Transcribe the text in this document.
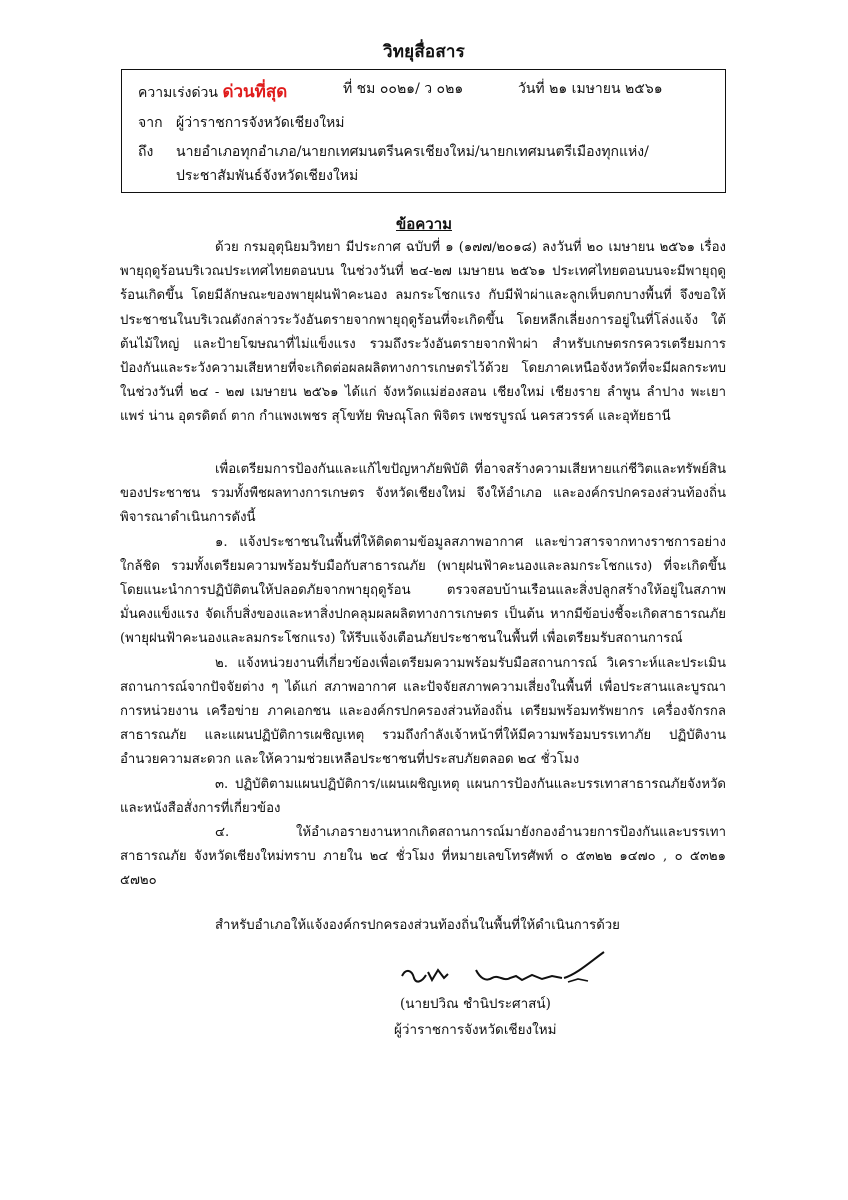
วิทยุสื่อสาร
ความเร่งด่วน ด่วนที่สุด	ที่ ชม ๐๐๒๑/ ว ๐๒๑	วันที่ ๒๑ เมษายน ๒๕๖๑
จาก ผู้ว่าราชการจังหวัดเชียงใหม่
ถึง นายอำเภอทุกอำเภอ/นายกเทศมนตรีนครเชียงใหม่/นายกเทศมนตรีเมืองทุกแห่ง/
ประชาสัมพันธ์จังหวัดเชียงใหม่
ข้อความ

ด้วย กรมอุตุนิยมวิทยา มีประกาศ ฉบับที่ ๑ (๑๗๗/๒๐๑๘) ลงวันที่ ๒๐ เมษายน ๒๕๖๑ เรื่อง พายุฤดูร้อนบริเวณประเทศไทยตอนบน ในช่วงวันที่ ๒๔-๒๗ เมษายน ๒๕๖๑ ประเทศไทยตอนบนจะมีพายุฤดูร้อนเกิดขึ้น โดยมีลักษณะของพายุฝนฟ้าคะนอง ลมกระโชกแรง กับมีฟ้าผ่าและลูกเห็บตกบางพื้นที่ จึงขอให้ประชาชนในบริเวณดังกล่าวระวังอันตรายจากพายุฤดูร้อนที่จะเกิดขึ้น โดยหลีกเลี่ยงการอยู่ในที่โล่งแจ้ง ใต้ต้นไม้ใหญ่ และป้ายโฆษณาที่ไม่แข็งแรง รวมถึงระวังอันตรายจากฟ้าผ่า สำหรับเกษตรกรควรเตรียมการป้องกันและระวังความเสียหายที่จะเกิดต่อผลผลิตทางการเกษตรไว้ด้วย โดยภาคเหนือจังหวัดที่จะมีผลกระทบในช่วงวันที่ ๒๔ - ๒๗ เมษายน ๒๕๖๑ ได้แก่ จังหวัดแม่ฮ่องสอน เชียงใหม่ เชียงราย ลำพูน ลำปาง พะเยา แพร่ น่าน อุตรดิตถ์ ตาก กำแพงเพชร สุโขทัย พิษณุโลก พิจิตร เพชรบูรณ์ นครสวรรค์ และอุทัยธานี

เพื่อเตรียมการป้องกันและแก้ไขปัญหาภัยพิบัติ ที่อาจสร้างความเสียหายแก่ชีวิตและทรัพย์สินของประชาชน รวมทั้งพืชผลทางการเกษตร จังหวัดเชียงใหม่ จึงให้อำเภอ และองค์กรปกครองส่วนท้องถิ่นพิจารณาดำเนินการดังนี้

๑. แจ้งประชาชนในพื้นที่ให้ติดตามข้อมูลสภาพอากาศ และข่าวสารจากทางราชการอย่างใกล้ชิด รวมทั้งเตรียมความพร้อมรับมือกับสาธารณภัย (พายุฝนฟ้าคะนองและลมกระโชกแรง) ที่จะเกิดขึ้น โดยแนะนำการปฏิบัติตนให้ปลอดภัยจากพายุฤดูร้อน ตรวจสอบบ้านเรือนและสิ่งปลูกสร้างให้อยู่ในสภาพมั่นคงแข็งแรง จัดเก็บสิ่งของและหาสิ่งปกคลุมผลผลิตทางการเกษตร เป็นต้น หากมีข้อบ่งชี้จะเกิดสาธารณภัย (พายุฝนฟ้าคะนองและลมกระโชกแรง) ให้รีบแจ้งเตือนภัยประชาชนในพื้นที่ เพื่อเตรียมรับสถานการณ์

๒. แจ้งหน่วยงานที่เกี่ยวข้องเพื่อเตรียมความพร้อมรับมือสถานการณ์ วิเคราะห์และประเมินสถานการณ์จากปัจจัยต่าง ๆ ได้แก่ สภาพอากาศ และปัจจัยสภาพความเสี่ยงในพื้นที่ เพื่อประสานและบูรณาการหน่วยงาน เครือข่าย ภาคเอกชน และองค์กรปกครองส่วนท้องถิ่น เตรียมพร้อมทรัพยากร เครื่องจักรกลสาธารณภัย และแผนปฏิบัติการเผชิญเหตุ รวมถึงกำลังเจ้าหน้าที่ให้มีความพร้อมบรรเทาภัย ปฏิบัติงาน อำนวยความสะดวก และให้ความช่วยเหลือประชาชนที่ประสบภัยตลอด ๒๔ ชั่วโมง

๓. ปฏิบัติตามแผนปฏิบัติการ/แผนเผชิญเหตุ แผนการป้องกันและบรรเทาสาธารณภัยจังหวัด และหนังสือสั่งการที่เกี่ยวข้อง

๔. ให้อำเภอรายงานหากเกิดสถานการณ์มายังกองอำนวยการป้องกันและบรรเทาสาธารณภัย จังหวัดเชียงใหม่ทราบ ภายใน ๒๔ ชั่วโมง ที่หมายเลขโทรศัพท์ ๐ ๕๓๒๒ ๑๔๗๐ , ๐ ๕๓๒๑ ๕๗๒๐

สำหรับอำเภอให้แจ้งองค์กรปกครองส่วนท้องถิ่นในพื้นที่ให้ดำเนินการด้วย

(นายปวิณ ชำนิประศาสน์)
ผู้ว่าราชการจังหวัดเชียงใหม่
